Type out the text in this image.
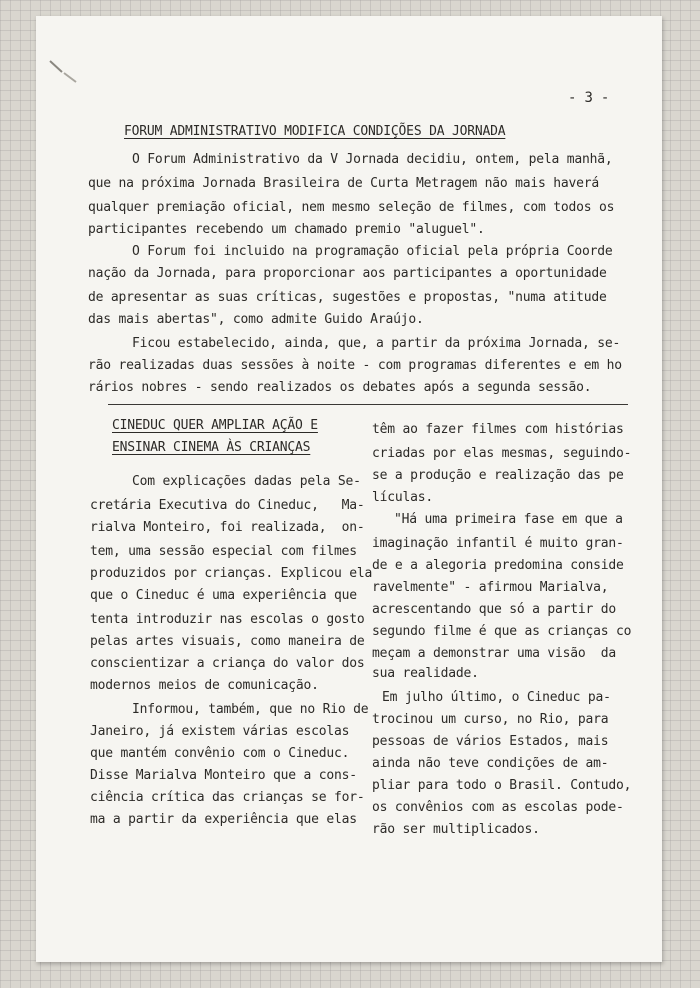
- 3 -

FORUM ADMINISTRATIVO MODIFICA CONDIÇÕES DA JORNADA

O Forum Administrativo da V Jornada decidiu, ontem, pela manhã,

que na próxima Jornada Brasileira de Curta Metragem não mais haverá

qualquer premiação oficial, nem mesmo seleção de filmes, com todos os

participantes recebendo um chamado premio "aluguel".

O Forum foi incluido na programação oficial pela própria Coorde

nação da Jornada, para proporcionar aos participantes a oportunidade

de apresentar as suas críticas, sugestões e propostas, "numa atitude

das mais abertas", como admite Guido Araújo.

Ficou estabelecido, ainda, que, a partir da próxima Jornada, se-

rão realizadas duas sessões à noite - com programas diferentes e em ho

rários nobres - sendo realizados os debates após a segunda sessão.

CINEDUC QUER AMPLIAR AÇÃO E

ENSINAR CINEMA ÀS CRIANÇAS

Com explicações dadas pela Se-

cretária Executiva do Cineduc,   Ma-

rialva Monteiro, foi realizada,  on-

tem, uma sessão especial com filmes

produzidos por crianças. Explicou ela

que o Cineduc é uma experiência que

tenta introduzir nas escolas o gosto

pelas artes visuais, como maneira de

conscientizar a criança do valor dos

modernos meios de comunicação.

Informou, também, que no Rio de

Janeiro, já existem várias escolas

que mantém convênio com o Cineduc.

Disse Marialva Monteiro que a cons-

ciência crítica das crianças se for-

ma a partir da experiência que elas

têm ao fazer filmes com histórias

criadas por elas mesmas, seguindo-

se a produção e realização das pe

lículas.

"Há uma primeira fase em que a

imaginação infantil é muito gran-

de e a alegoria predomina conside

ravelmente" - afirmou Marialva,

acrescentando que só a partir do

segundo filme é que as crianças co

meçam a demonstrar uma visão  da

sua realidade.

Em julho último, o Cineduc pa-

trocinou um curso, no Rio, para

pessoas de vários Estados, mais

ainda não teve condições de am-

pliar para todo o Brasil. Contudo,

os convênios com as escolas pode-

rão ser multiplicados.
